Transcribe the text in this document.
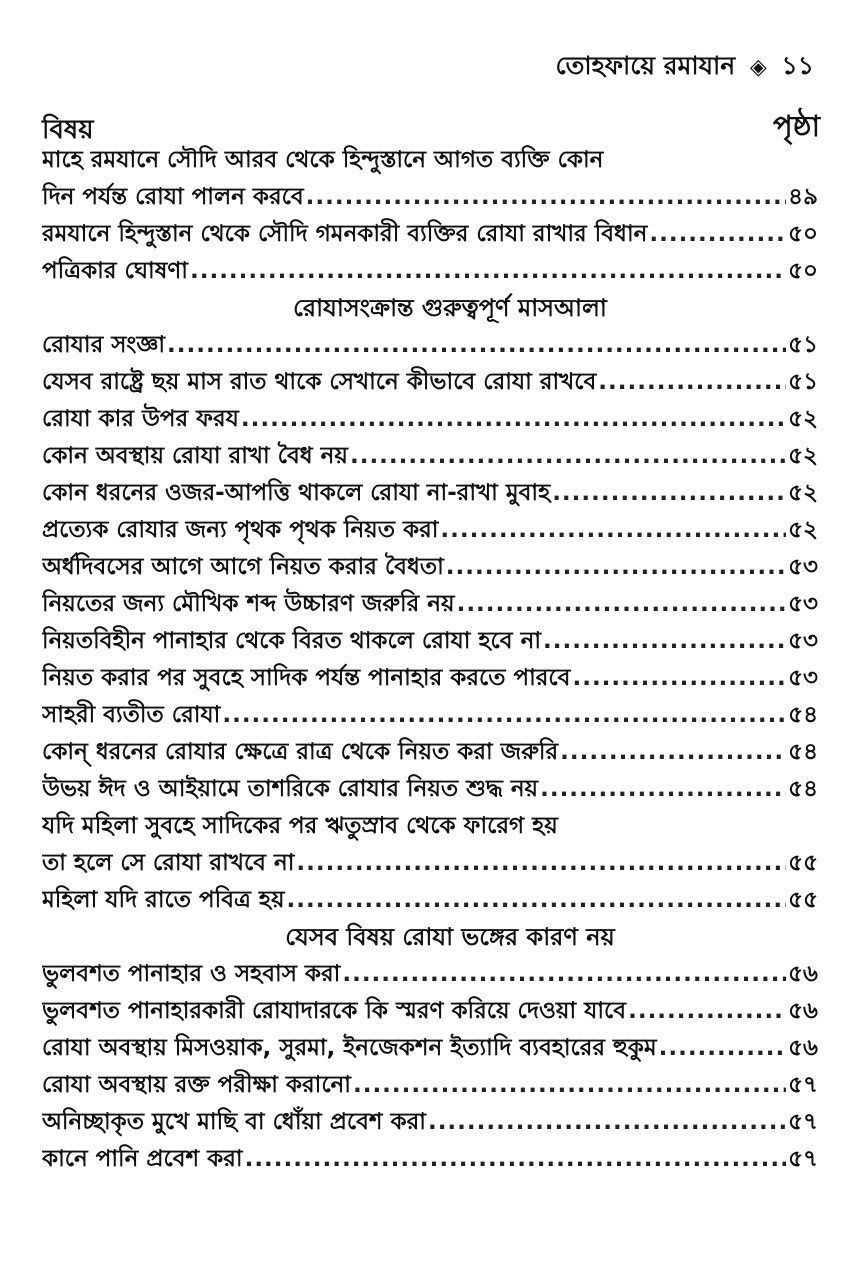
তোহফায়ে রমাযান ◈ ১১
বিষয়	পৃষ্ঠা
মাহে রমযানে সৌদি আরব থেকে হিন্দুস্তানে আগত ব্যক্তি কোন
দিন পর্যন্ত রোযা পালন করবে .....	৪৯
রমযানে হিন্দুস্তান থেকে সৌদি গমনকারী ব্যক্তির রোযা রাখার বিধান .....	৫০
পত্রিকার ঘোষণা .....	৫০
রোযাসংক্রান্ত গুরুত্বপূর্ণ মাসআলা
রোযার সংজ্ঞা .....	৫১
যেসব রাষ্ট্রে ছয় মাস রাত থাকে সেখানে কীভাবে রোযা রাখবে .....	৫১
রোযা কার উপর ফরয .....	৫২
কোন অবস্থায় রোযা রাখা বৈধ নয় .....	৫২
কোন ধরনের ওজর-আপত্তি থাকলে রোযা না-রাখা মুবাহ .....	৫২
প্রত্যেক রোযার জন্য পৃথক পৃথক নিয়ত করা .....	৫২
অর্ধদিবসের আগে আগে নিয়ত করার বৈধতা .....	৫৩
নিয়তের জন্য মৌখিক শব্দ উচ্চারণ জরুরি নয় .....	৫৩
নিয়তবিহীন পানাহার থেকে বিরত থাকলে রোযা হবে না .....	৫৩
নিয়ত করার পর সুবহে সাদিক পর্যন্ত পানাহার করতে পারবে .....	৫৩
সাহরী ব্যতীত রোযা .....	৫৪
কোন্ ধরনের রোযার ক্ষেত্রে রাত্র থেকে নিয়ত করা জরুরি .....	৫৪
উভয় ঈদ ও আইয়ামে তাশরিকে রোযার নিয়ত শুদ্ধ নয় .....	৫৪
যদি মহিলা সুবহে সাদিকের পর ঋতুস্রাব থেকে ফারেগ হয়
তা হলে সে রোযা রাখবে না .....	৫৫
মহিলা যদি রাতে পবিত্র হয় .....	৫৫
যেসব বিষয় রোযা ভঙ্গের কারণ নয়
ভুলবশত পানাহার ও সহবাস করা .....	৫৬
ভুলবশত পানাহারকারী রোযাদারকে কি স্মরণ করিয়ে দেওয়া যাবে .....	৫৬
রোযা অবস্থায় মিসওয়াক, সুরমা, ইনজেকশন ইত্যাদি ব্যবহারের হুকুম .....	৫৬
রোযা অবস্থায় রক্ত পরীক্ষা করানো .....	৫৭
অনিচ্ছাকৃত মুখে মাছি বা ধোঁয়া প্রবেশ করা .....	৫৭
কানে পানি প্রবেশ করা .....	৫৭
